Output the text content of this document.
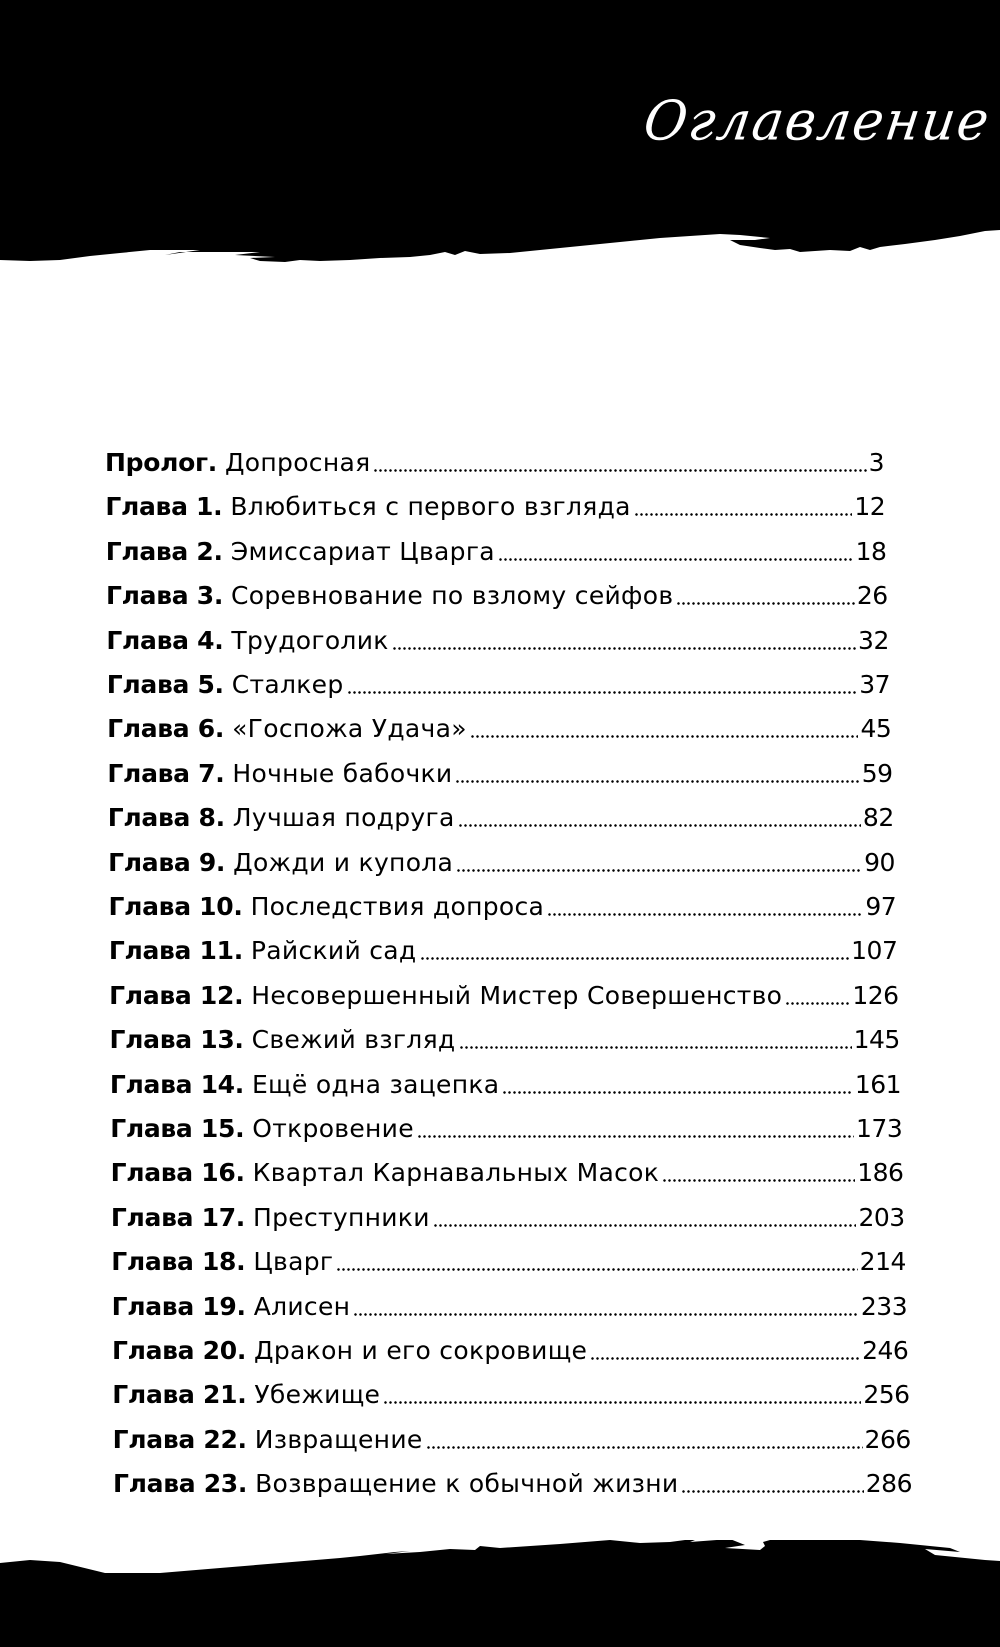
Оглавление
Пролог. Допросная	3
Глава 1. Влюбиться с первого взгляда	12
Глава 2. Эмиссариат Цварга	18
Глава 3. Соревнование по взлому сейфов	26
Глава 4. Трудоголик	32
Глава 5. Сталкер	37
Глава 6. «Госпожа Удача»	45
Глава 7. Ночные бабочки	59
Глава 8. Лучшая подруга	82
Глава 9. Дожди и купола	90
Глава 10. Последствия допроса	97
Глава 11. Райский сад	107
Глава 12. Несовершенный Мистер Совершенство	126
Глава 13. Свежий взгляд	145
Глава 14. Ещё одна зацепка	161
Глава 15. Откровение	173
Глава 16. Квартал Карнавальных Масок	186
Глава 17. Преступники	203
Глава 18. Цварг	214
Глава 19. Алисен	233
Глава 20. Дракон и его сокровище	246
Глава 21. Убежище	256
Глава 22. Извращение	266
Глава 23. Возвращение к обычной жизни	286
